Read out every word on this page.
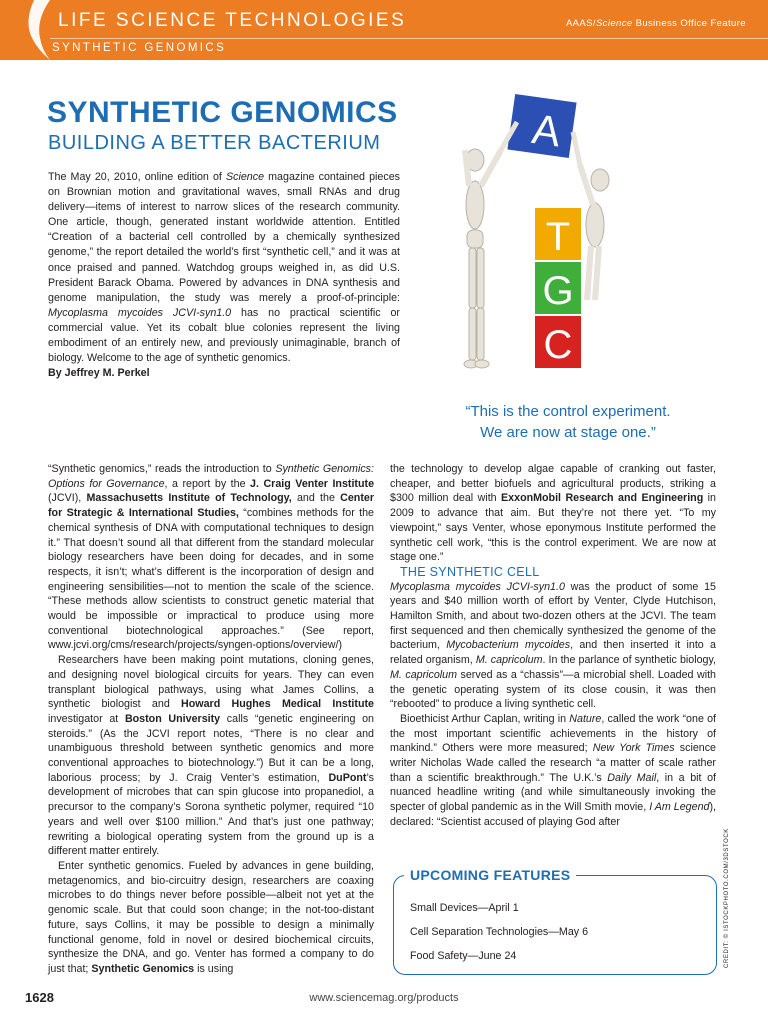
LIFE SCIENCE TECHNOLOGIES	AAAS/Science Business Office Feature
SYNTHETIC GENOMICS
SYNTHETIC GENOMICS
BUILDING A BETTER BACTERIUM

The May 20, 2010, online edition of Science magazine contained pieces on Brownian motion and gravitational waves, small RNAs and drug delivery—items of interest to narrow slices of the research community. One article, though, generated instant worldwide attention. Entitled “Creation of a bacterial cell controlled by a chemically synthesized genome,” the report detailed the world’s first “synthetic cell,” and it was at once praised and panned. Watchdog groups weighed in, as did U.S. President Barack Obama. Powered by advances in DNA synthesis and genome manipulation, the study was merely a proof-of-principle: Mycoplasma mycoides JCVI-syn1.0 has no practical scientific or commercial value. Yet its cobalt blue colonies represent the living embodiment of an entirely new, and previously unimaginable, branch of biology. Welcome to the age of synthetic genomics.

By Jeffrey M. Perkel

A
T
G
C
“This is the control experiment.
We are now at stage one.”

“Synthetic genomics,” reads the introduction to Synthetic Genomics: Options for Governance, a report by the J. Craig Venter Institute (JCVI), Massachusetts Institute of Technology, and the Center for Strategic & International Studies, “combines methods for the chemical synthesis of DNA with computational techniques to design it.” That doesn’t sound all that different from the standard molecular biology researchers have been doing for decades, and in some respects, it isn’t; what’s different is the incorporation of design and engineering sensibilities—not to mention the scale of the science. “These methods allow scientists to construct genetic material that would be impossible or impractical to produce using more conventional biotechnological approaches.” (See report, www.jcvi.org/cms/research/projects/syngen-options/overview/)

Researchers have been making point mutations, cloning genes, and designing novel biological circuits for years. They can even transplant biological pathways, using what James Collins, a synthetic biologist and Howard Hughes Medical Institute investigator at Boston University calls “genetic engineering on steroids.” (As the JCVI report notes, “There is no clear and unambiguous threshold between synthetic genomics and more conventional approaches to biotechnology.”) But it can be a long, laborious process; by J. Craig Venter’s estimation, DuPont’s development of microbes that can spin glucose into propanediol, a precursor to the company’s Sorona synthetic polymer, required “10 years and well over $100 million.” And that’s just one pathway; rewriting a biological operating system from the ground up is a different matter entirely.

Enter synthetic genomics. Fueled by advances in gene building, metagenomics, and bio-circuitry design, researchers are coaxing microbes to do things never before possible—albeit not yet at the genomic scale. But that could soon change; in the not-too-distant future, says Collins, it may be possible to design a minimally functional genome, fold in novel or desired biochemical circuits, synthesize the DNA, and go. Venter has formed a company to do just that; Synthetic Genomics is using

the technology to develop algae capable of cranking out faster, cheaper, and better biofuels and agricultural products, striking a $300 million deal with ExxonMobil Research and Engineering in 2009 to advance that aim. But they’re not there yet. “To my viewpoint,” says Venter, whose eponymous Institute performed the synthetic cell work, “this is the control experiment. We are now at stage one.”

THE SYNTHETIC CELL

Mycoplasma mycoides JCVI-syn1.0 was the product of some 15 years and $40 million worth of effort by Venter, Clyde Hutchison, Hamilton Smith, and about two-dozen others at the JCVI. The team first sequenced and then chemically synthesized the genome of the bacterium, Mycobacterium mycoides, and then inserted it into a related organism, M. capricolum. In the parlance of synthetic biology, M. capricolum served as a “chassis”—a microbial shell. Loaded with the genetic operating system of its close cousin, it was then “rebooted” to produce a living synthetic cell.

Bioethicist Arthur Caplan, writing in Nature, called the work “one of the most important scientific achievements in the history of mankind.” Others were more measured; New York Times science writer Nicholas Wade called the research “a matter of scale rather than a scientific breakthrough.” The U.K.’s Daily Mail, in a bit of nuanced headline writing (and while simultaneously invoking the specter of global pandemic as in the Will Smith movie, I Am Legend), declared: “Scientist accused of playing God after

Small Devices—April 1
Cell Separation Technologies—May 6
Food Safety—June 24
UPCOMING FEATURES	CREDIT: © ISTOCKPHOTO.COM/3DSTOCK
1628	www.sciencemag.org/products
